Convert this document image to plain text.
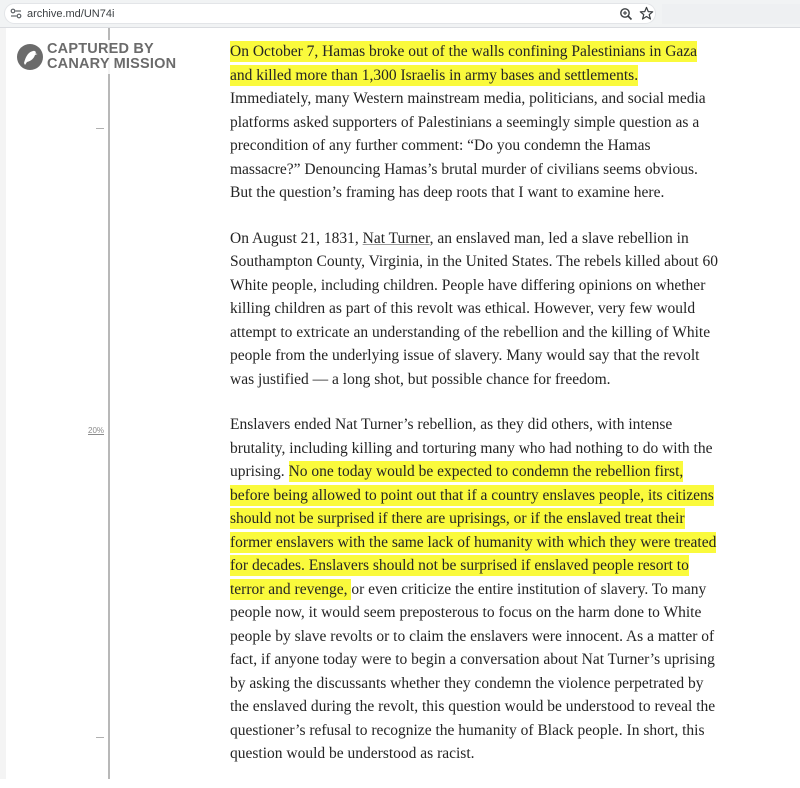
archive.md/UN74i
20%
CAPTURED BY
CANARY MISSION

On October 7, Hamas broke out of the walls confining Palestinians in Gaza and killed more than 1,300 Israelis in army bases and settlements. Immediately, many Western mainstream media, politicians, and social media platforms asked supporters of Palestinians a seemingly simple question as a precondition of any further comment: “Do you condemn the Hamas massacre?” Denouncing Hamas’s brutal murder of civilians seems obvious. But the question’s framing has deep roots that I want to examine here.

On August 21, 1831, Nat Turner, an enslaved man, led a slave rebellion in Southampton County, Virginia, in the United States. The rebels killed about 60 White people, including children. People have differing opinions on whether killing children as part of this revolt was ethical. However, very few would attempt to extricate an understanding of the rebellion and the killing of White people from the underlying issue of slavery. Many would say that the revolt was justified — a long shot, but possible chance for freedom.

Enslavers ended Nat Turner’s rebellion, as they did others, with intense brutality, including killing and torturing many who had nothing to do with the uprising. No one today would be expected to condemn the rebellion first, before being allowed to point out that if a country enslaves people, its citizens should not be surprised if there are uprisings, or if the enslaved treat their former enslavers with the same lack of humanity with which they were treated for decades. Enslavers should not be surprised if enslaved people resort to terror and revenge, or even criticize the entire institution of slavery. To many people now, it would seem preposterous to focus on the harm done to White people by slave revolts or to claim the enslavers were innocent. As a matter of fact, if anyone today were to begin a conversation about Nat Turner’s uprising by asking the discussants whether they condemn the violence perpetrated by the enslaved during the revolt, this question would be understood to reveal the questioner’s refusal to recognize the humanity of Black people. In short, this question would be understood as racist.
